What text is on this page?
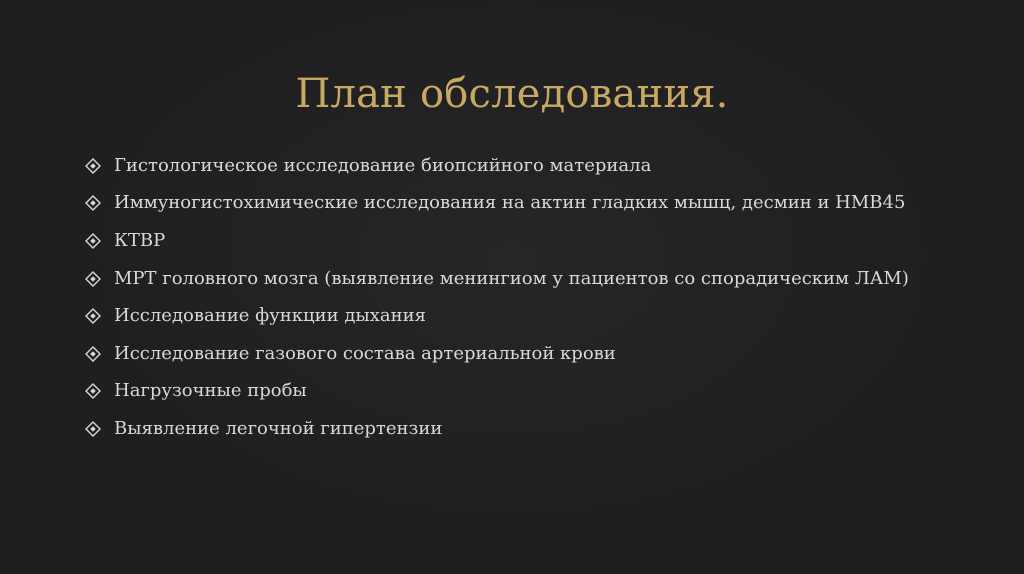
План обследования.
Гистологическое исследование биопсийного материала
Иммуногистохимические исследования на актин гладких мышц, десмин и HMB45
КТВР
МРТ головного мозга (выявление менингиом у пациентов со спорадическим ЛАМ)
Исследование функции дыхания
Исследование газового состава артериальной крови
Нагрузочные пробы
Выявление легочной гипертензии
